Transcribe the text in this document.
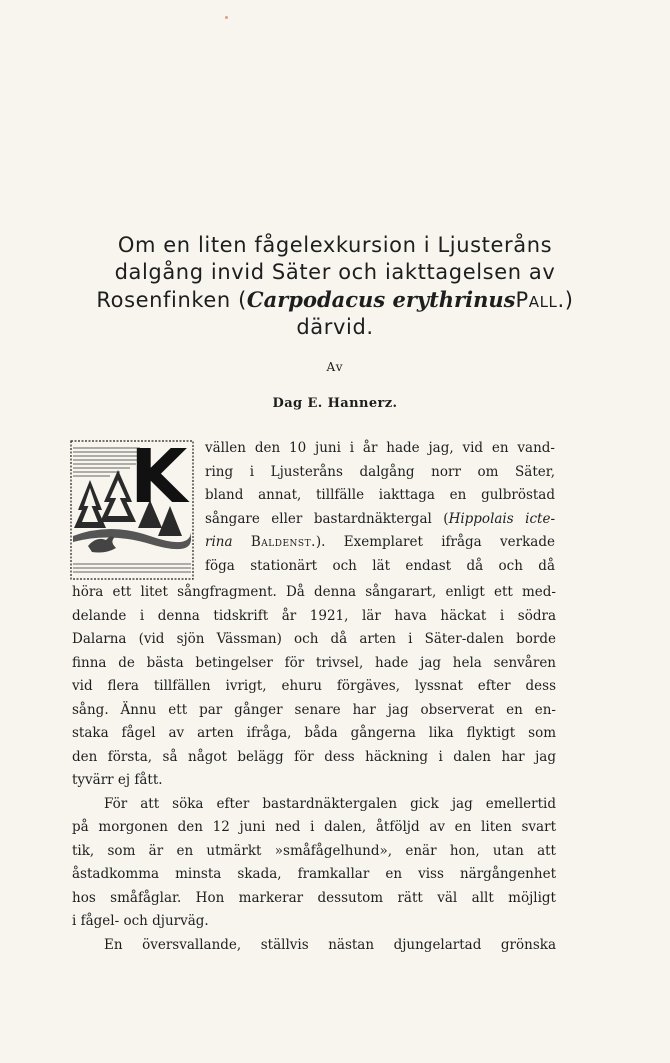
Om en liten fågelexkursion i Ljusteråns
dalgång invid Säter och iakttagelsen av
Rosenfinken (Carpodacus erythrinusPall.)
därvid.
Av
Dag E. Hannerz.
K vällen den 10 juni i år hade jag, vid en vand-
ring i Ljusteråns dalgång norr om Säter,
bland annat, tillfälle iakttaga en gulbröstad
sångare eller bastardnäktergal (Hippolais icte-
rina Baldenst.). Exemplaret ifråga verkade
föga stationärt och lät endast då och då
höra ett litet sångfragment. Då denna sångarart, enligt ett med-
delande i denna tidskrift år 1921, lär hava häckat i södra
Dalarna (vid sjön Vässman) och då arten i Säter-dalen borde
finna de bästa betingelser för trivsel, hade jag hela senvåren
vid flera tillfällen ivrigt, ehuru förgäves, lyssnat efter dess
sång. Ännu ett par gånger senare har jag observerat en en-
staka fågel av arten ifråga, båda gångerna lika flyktigt som
den första, så något belägg för dess häckning i dalen har jag
tyvärr ej fått.
För att söka efter bastardnäktergalen gick jag emellertid
på morgonen den 12 juni ned i dalen, åtföljd av en liten svart
tik, som är en utmärkt »småfågelhund», enär hon, utan att
åstadkomma minsta skada, framkallar en viss närgångenhet
hos småfåglar. Hon markerar dessutom rätt väl allt möjligt
i fågel- och djurväg.
En översvallande, ställvis nästan djungelartad grönska
